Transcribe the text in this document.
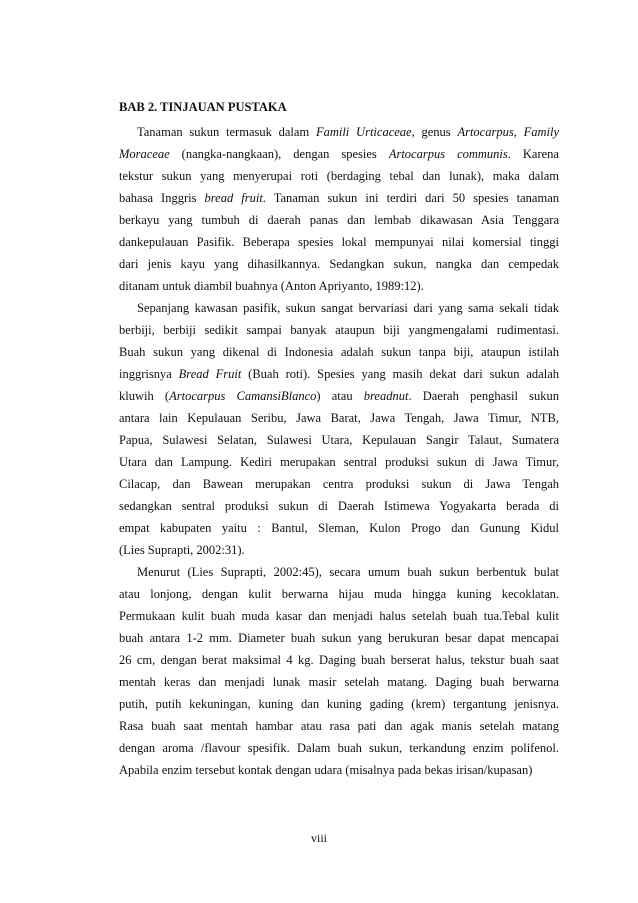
BAB 2. TINJAUAN PUSTAKA
Tanaman sukun termasuk dalam Famili Urticaceae, genus Artocarpus, Family
Moraceae (nangka-nangkaan), dengan spesies Artocarpus communis. Karena
tekstur sukun yang menyerupai roti (berdaging tebal dan lunak), maka dalam
bahasa Inggris bread fruit. Tanaman sukun ini terdiri dari 50 spesies tanaman
berkayu yang tumbuh di daerah panas dan lembab dikawasan Asia Tenggara
dankepulauan Pasifik. Beberapa spesies lokal mempunyai nilai komersial tinggi
dari jenis kayu yang dihasilkannya. Sedangkan sukun, nangka dan cempedak
ditanam untuk diambil buahnya (Anton Apriyanto, 1989:12).
Sepanjang kawasan pasifik, sukun sangat bervariasi dari yang sama sekali tidak
berbiji, berbiji sedikit sampai banyak ataupun biji yangmengalami rudimentasi.
Buah sukun yang dikenal di Indonesia adalah sukun tanpa biji, ataupun istilah
inggrisnya Bread Fruit (Buah roti). Spesies yang masih dekat dari sukun adalah
kluwih (Artocarpus CamansiBlanco) atau breadnut. Daerah penghasil sukun
antara lain Kepulauan Seribu, Jawa Barat, Jawa Tengah, Jawa Timur, NTB,
Papua, Sulawesi Selatan, Sulawesi Utara, Kepulauan Sangir Talaut, Sumatera
Utara dan Lampung. Kediri merupakan sentral produksi sukun di Jawa Timur,
Cilacap, dan Bawean merupakan centra produksi sukun di Jawa Tengah
sedangkan sentral produksi sukun di Daerah Istimewa Yogyakarta berada di
empat kabupaten yaitu : Bantul, Sleman, Kulon Progo dan Gunung Kidul
(Lies Suprapti, 2002:31).
Menurut (Lies Suprapti, 2002:45), secara umum buah sukun berbentuk bulat
atau lonjong, dengan kulit berwarna hijau muda hingga kuning kecoklatan.
Permukaan kulit buah muda kasar dan menjadi halus setelah buah tua.Tebal kulit
buah antara 1-2 mm. Diameter buah sukun yang berukuran besar dapat mencapai
26 cm, dengan berat maksimal 4 kg. Daging buah berserat halus, tekstur buah saat
mentah keras dan menjadi lunak masir setelah matang. Daging buah berwarna
putih, putih kekuningan, kuning dan kuning gading (krem) tergantung jenisnya.
Rasa buah saat mentah hambar atau rasa pati dan agak manis setelah matang
dengan aroma /flavour spesifik. Dalam buah sukun, terkandung enzim polifenol.
Apabila enzim tersebut kontak dengan udara (misalnya pada bekas irisan/kupasan)
viii
